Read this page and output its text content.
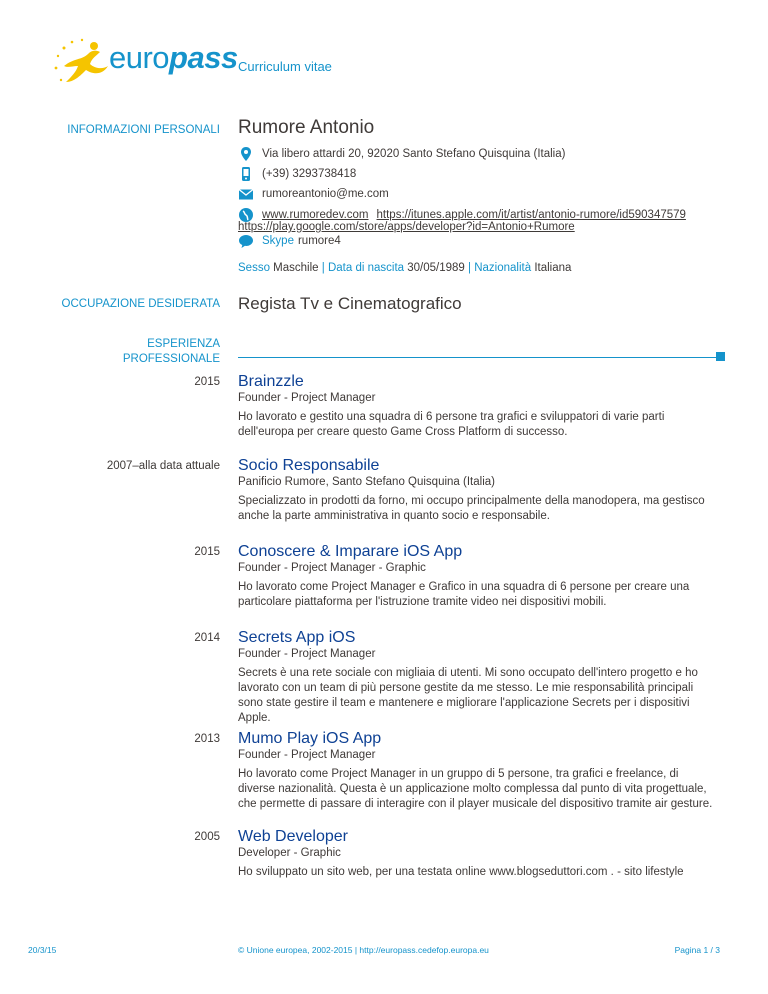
europass Curriculum vitae
INFORMAZIONI PERSONALI Rumore Antonio
Via libero attardi 20, 92020 Santo Stefano Quisquina (Italia)
(+39) 3293738418
rumoreantonio@me.com
www.rumoredev.com https://itunes.apple.com/it/artist/antonio-rumore/id590347579
https://play.google.com/store/apps/developer?id=Antonio+Rumore
Skype rumore4
Sesso Maschile | Data di nascita 30/05/1989 | Nazionalità Italiana
OCCUPAZIONE DESIDERATA Regista Tv e Cinematografico
ESPERIENZA
PROFESSIONALE
2015 Brainzzle
Founder - Project Manager
Ho lavorato e gestito una squadra di 6 persone tra grafici e sviluppatori di varie parti dell'europa per creare questo Game Cross Platform di successo.
2007–alla data attuale Socio Responsabile
Panificio Rumore, Santo Stefano Quisquina (Italia)
Specializzato in prodotti da forno, mi occupo principalmente della manodopera, ma gestisco anche la parte amministrativa in quanto socio e responsabile.
2015 Conoscere & Imparare iOS App
Founder - Project Manager - Graphic
Ho lavorato come Project Manager e Grafico in una squadra di 6 persone per creare una particolare piattaforma per l'istruzione tramite video nei dispositivi mobili.
2014 Secrets App iOS
Founder - Project Manager
Secrets è una rete sociale con migliaia di utenti. Mi sono occupato dell'intero progetto e ho lavorato con un team di più persone gestite da me stesso. Le mie responsabilità principali sono state gestire il team e mantenere e migliorare l'applicazione Secrets per i dispositivi Apple.
2013 Mumo Play iOS App
Founder - Project Manager
Ho lavorato come Project Manager in un gruppo di 5 persone, tra grafici e freelance, di diverse nazionalità. Questa è un applicazione molto complessa dal punto di vita progettuale, che permette di passare di interagire con il player musicale del dispositivo tramite air gesture.
2005 Web Developer
Developer - Graphic
Ho sviluppato un sito web, per una testata online www.blogseduttori.com . - sito lifestyle
20/3/15	© Unione europea, 2002-2015 | http://europass.cedefop.europa.eu	Pagina 1 / 3
